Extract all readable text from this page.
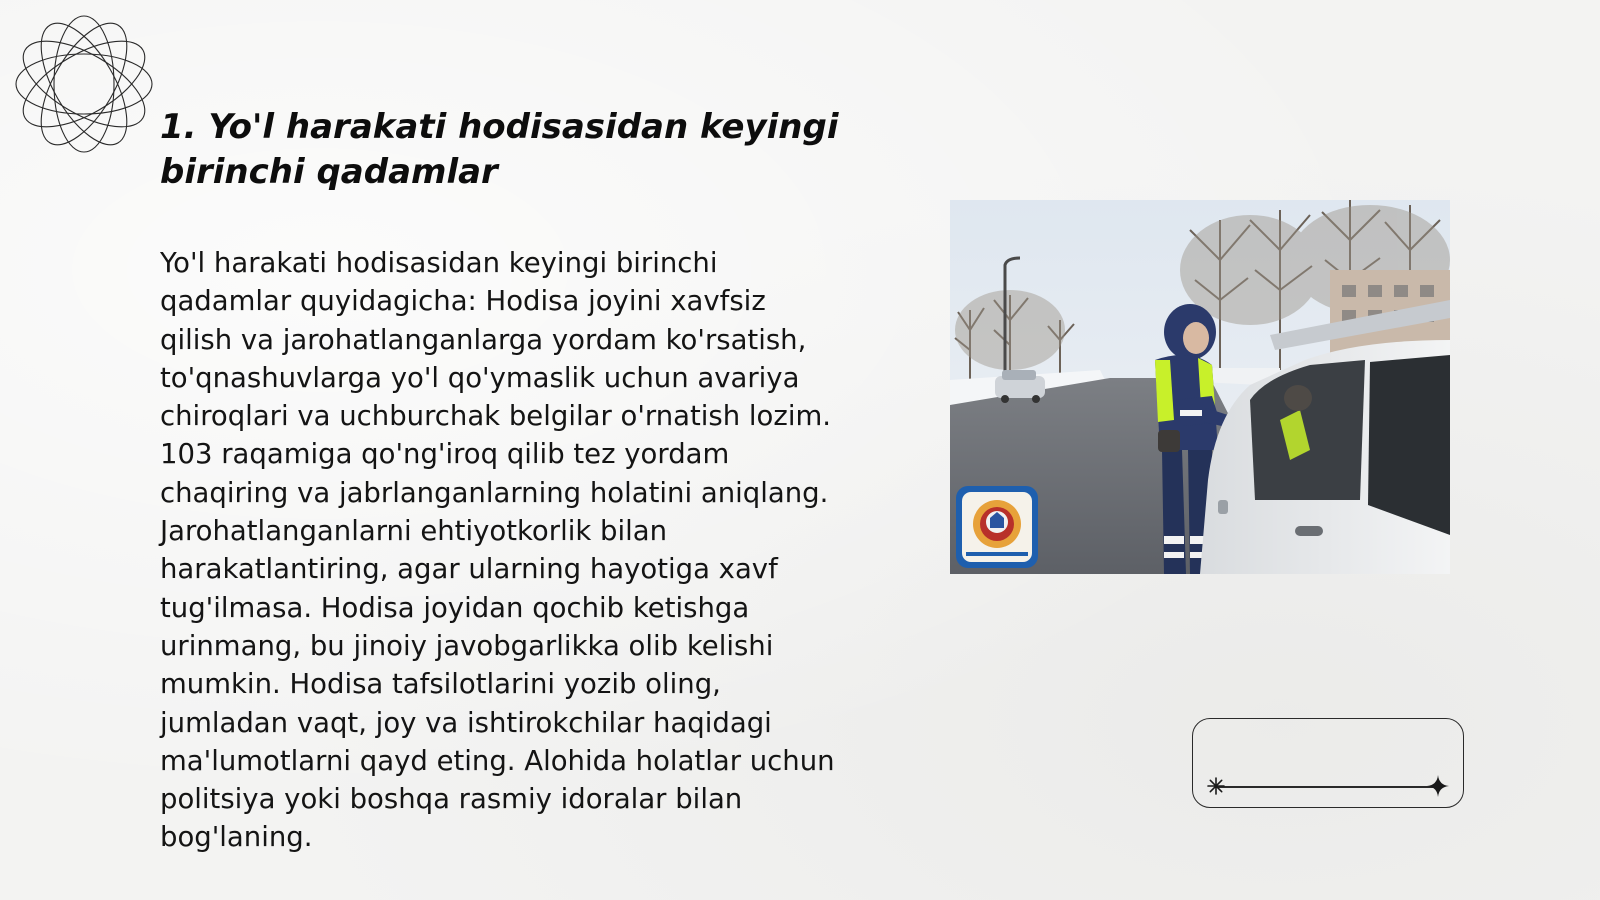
1. Yo'l harakati hodisasidan keyingi birinchi qadamlar

Yo'l harakati hodisasidan keyingi birinchi qadamlar quyidagicha: Hodisa joyini xavfsiz qilish va jarohatlanganlarga yordam ko'rsatish, to'qnashuvlarga yo'l qo'ymaslik uchun avariya chiroqlari va uchburchak belgilar o'rnatish lozim. 103 raqamiga qo'ng'iroq qilib tez yordam chaqiring va jabrlanganlarning holatini aniqlang. Jarohatlanganlarni ehtiyotkorlik bilan harakatlantiring, agar ularning hayotiga xavf tug'ilmasa. Hodisa joyidan qochib ketishga urinmang, bu jinoiy javobgarlikka olib kelishi mumkin. Hodisa tafsilotlarini yozib oling, jumladan vaqt, joy va ishtirokchilar haqidagi ma'lumotlarni qayd eting. Alohida holatlar uchun politsiya yoki boshqa rasmiy idoralar bilan bog'laning.
